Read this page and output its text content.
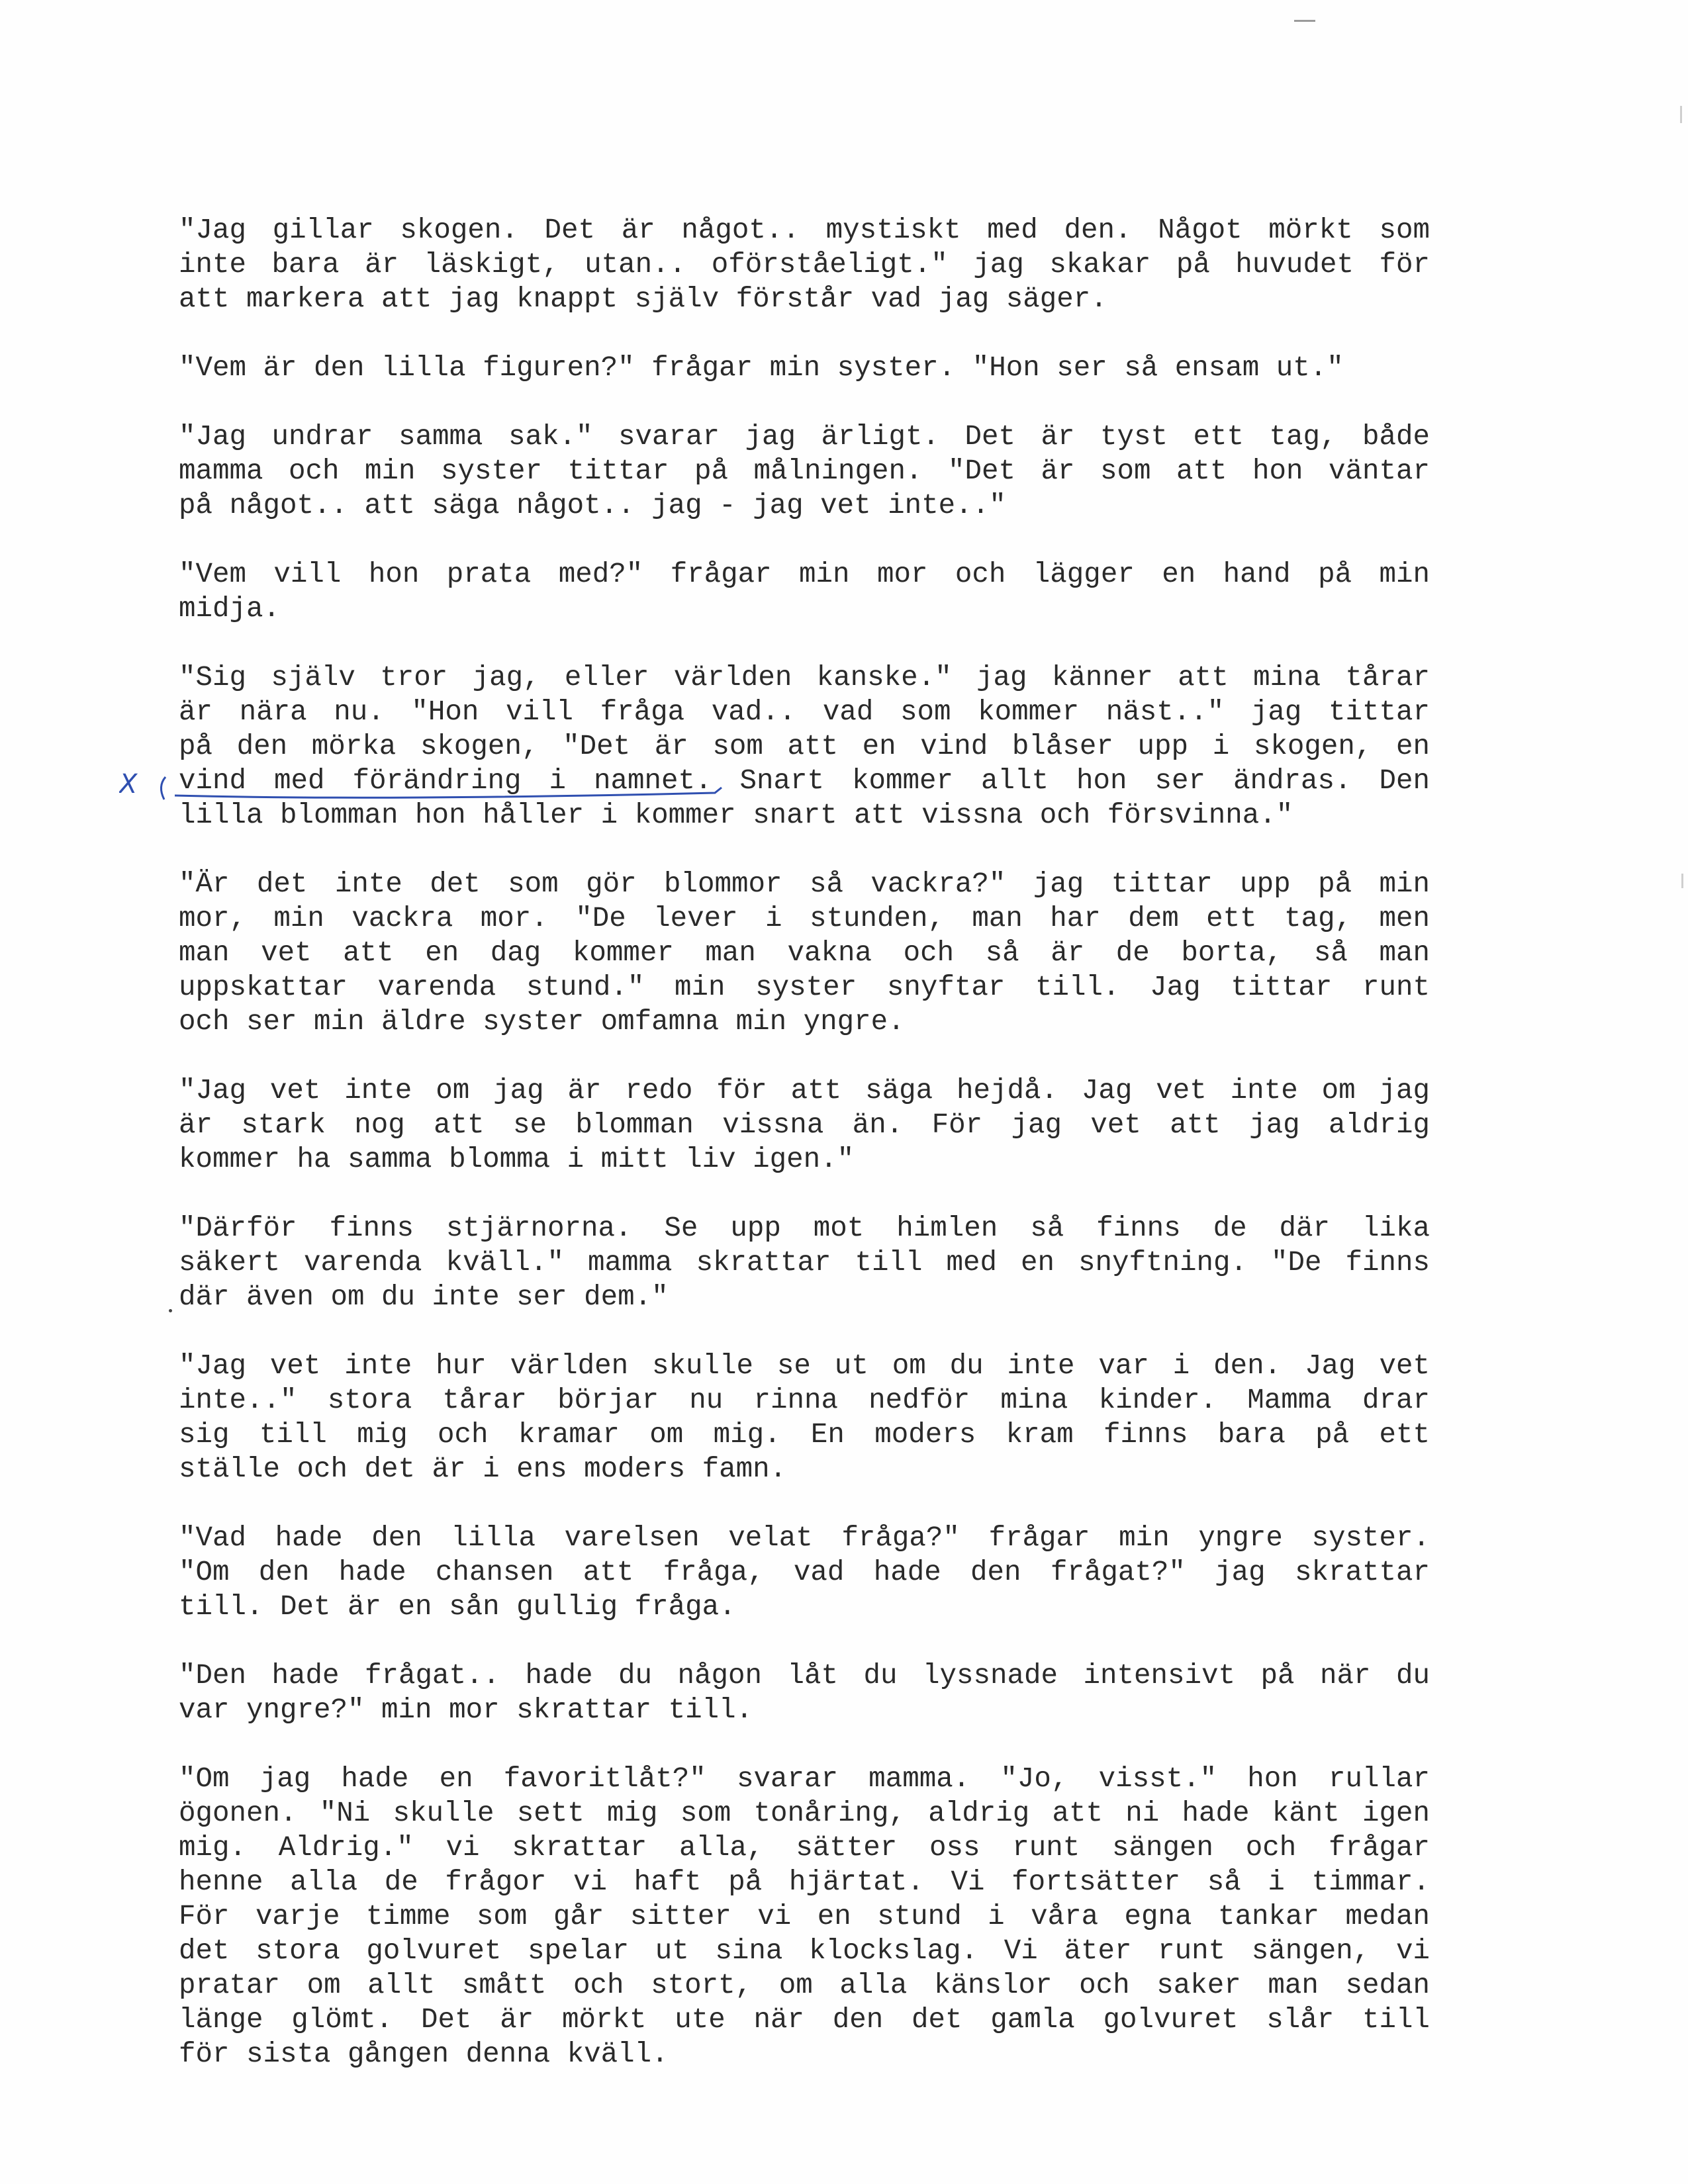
X
"Jag gillar skogen. Det är något.. mystiskt med den. Något mörkt som
inte bara är läskigt, utan.. oförståeligt." jag skakar på huvudet för
att markera att jag knappt själv förstår vad jag säger.
"Vem är den lilla figuren?" frågar min syster. "Hon ser så ensam ut."
"Jag undrar samma sak." svarar jag ärligt. Det är tyst ett tag, både
mamma och min syster tittar på målningen. "Det är som att hon väntar
på något.. att säga något.. jag - jag vet inte.."
"Vem vill hon prata med?" frågar min mor och lägger en hand på min
midja.
"Sig själv tror jag, eller världen kanske." jag känner att mina tårar
är nära nu. "Hon vill fråga vad.. vad som kommer näst.." jag tittar
på den mörka skogen, "Det är som att en vind blåser upp i skogen, en
vind med förändring i namnet. Snart kommer allt hon ser ändras. Den
lilla blomman hon håller i kommer snart att vissna och försvinna."
"Är det inte det som gör blommor så vackra?" jag tittar upp på min
mor, min vackra mor. "De lever i stunden, man har dem ett tag, men
man vet att en dag kommer man vakna och så är de borta, så man
uppskattar varenda stund." min syster snyftar till. Jag tittar runt
och ser min äldre syster omfamna min yngre.
"Jag vet inte om jag är redo för att säga hejdå. Jag vet inte om jag
är stark nog att se blomman vissna än. För jag vet att jag aldrig
kommer ha samma blomma i mitt liv igen."
"Därför finns stjärnorna. Se upp mot himlen så finns de där lika
säkert varenda kväll." mamma skrattar till med en snyftning. "De finns
där även om du inte ser dem."
"Jag vet inte hur världen skulle se ut om du inte var i den. Jag vet
inte.." stora tårar börjar nu rinna nedför mina kinder. Mamma drar
sig till mig och kramar om mig. En moders kram finns bara på ett
ställe och det är i ens moders famn.
"Vad hade den lilla varelsen velat fråga?" frågar min yngre syster.
"Om den hade chansen att fråga, vad hade den frågat?" jag skrattar
till. Det är en sån gullig fråga.
"Den hade frågat.. hade du någon låt du lyssnade intensivt på när du
var yngre?" min mor skrattar till.
"Om jag hade en favoritlåt?" svarar mamma. "Jo, visst." hon rullar
ögonen. "Ni skulle sett mig som tonåring, aldrig att ni hade känt igen
mig. Aldrig." vi skrattar alla, sätter oss runt sängen och frågar
henne alla de frågor vi haft på hjärtat. Vi fortsätter så i timmar.
För varje timme som går sitter vi en stund i våra egna tankar medan
det stora golvuret spelar ut sina klockslag. Vi äter runt sängen, vi
pratar om allt smått och stort, om alla känslor och saker man sedan
länge glömt. Det är mörkt ute när den det gamla golvuret slår till
för sista gången denna kväll.
